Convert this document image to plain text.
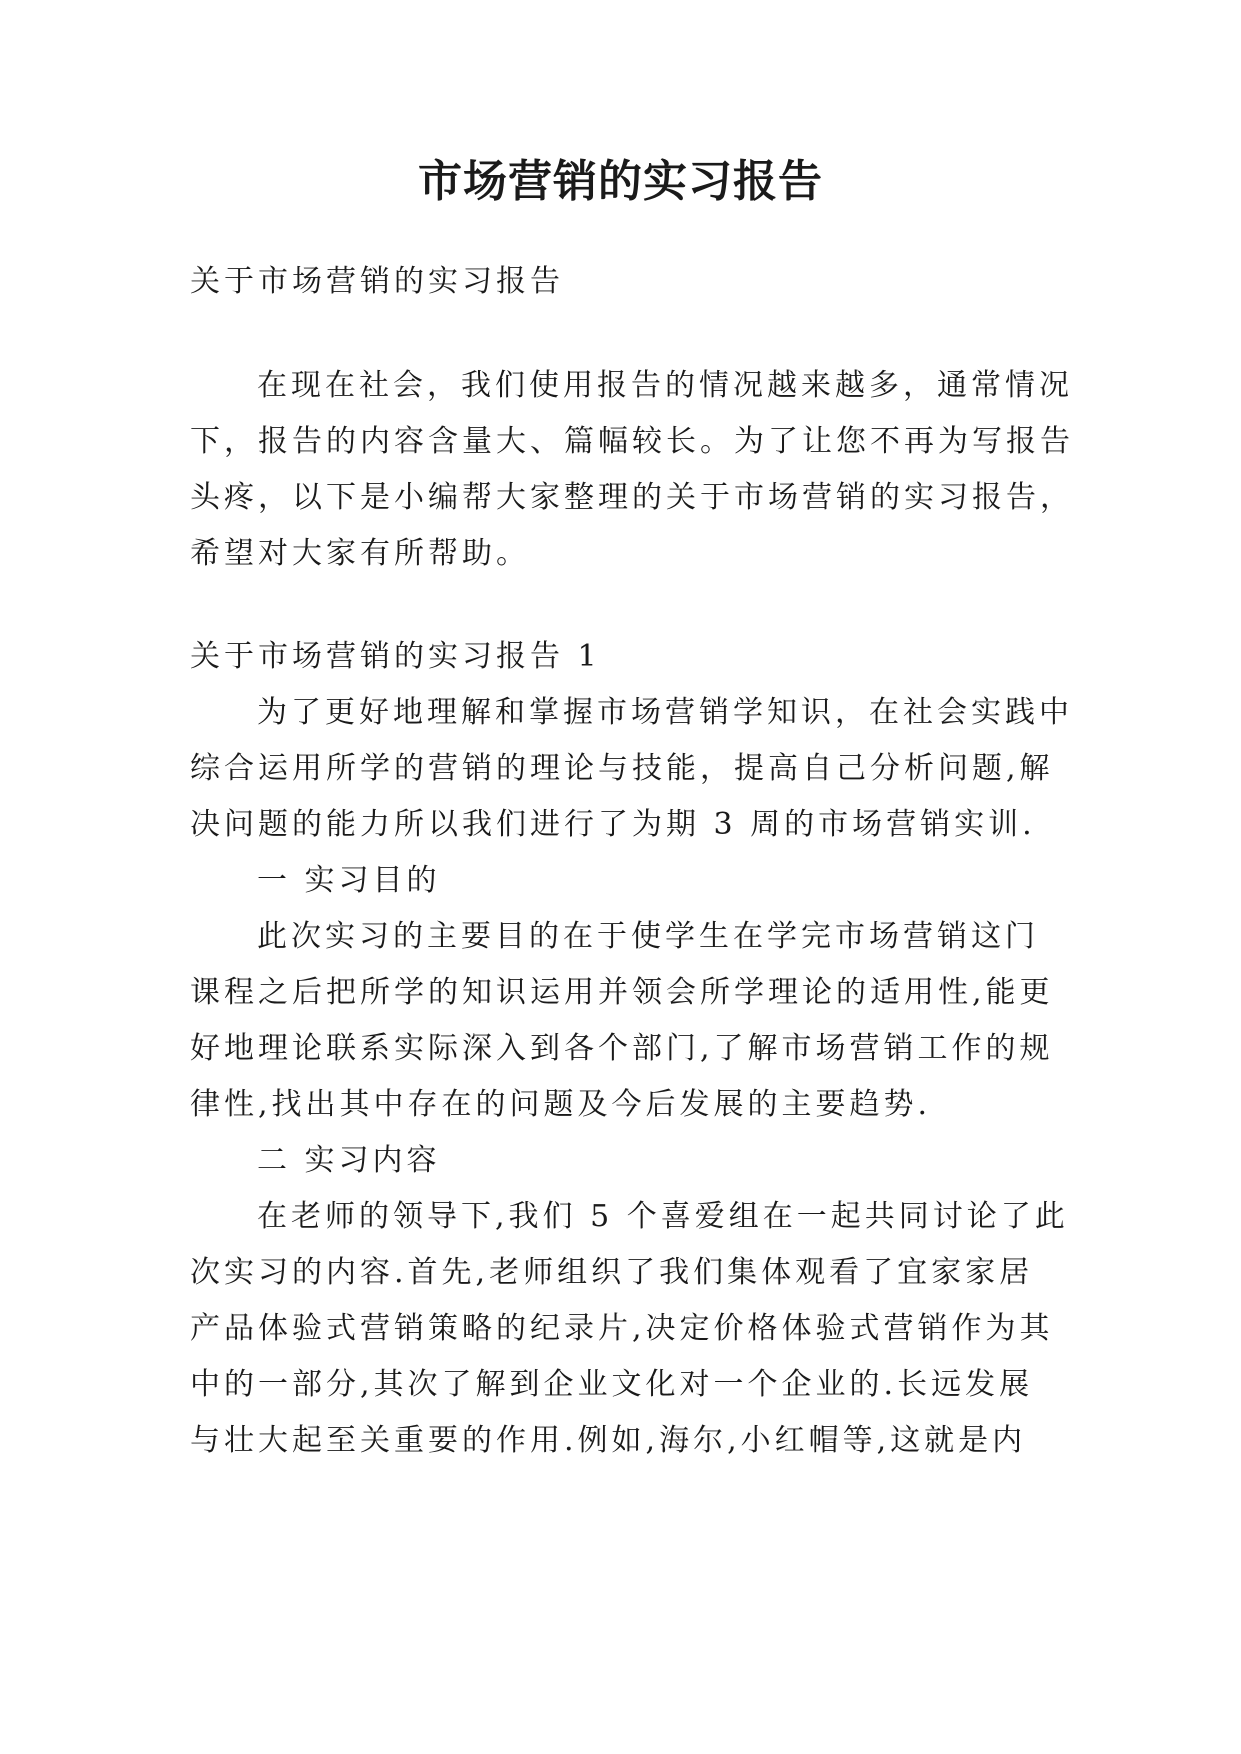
市场营销的实习报告
关于市场营销的实习报告
在现在社会，我们使用报告的情况越来越多，通常情况
下，报告的内容含量大、篇幅较长。为了让您不再为写报告
头疼，以下是小编帮大家整理的关于市场营销的实习报告，
希望对大家有所帮助。
关于市场营销的实习报告 1
为了更好地理解和掌握市场营销学知识，在社会实践中
综合运用所学的营销的理论与技能，提高自己分析问题,解
决问题的能力所以我们进行了为期 3 周的市场营销实训.
一 实习目的
此次实习的主要目的在于使学生在学完市场营销这门
课程之后把所学的知识运用并领会所学理论的适用性,能更
好地理论联系实际深入到各个部门,了解市场营销工作的规
律性,找出其中存在的问题及今后发展的主要趋势.
二 实习内容
在老师的领导下,我们 5 个喜爱组在一起共同讨论了此
次实习的内容.首先,老师组织了我们集体观看了宜家家居
产品体验式营销策略的纪录片,决定价格体验式营销作为其
中的一部分,其次了解到企业文化对一个企业的.长远发展
与壮大起至关重要的作用.例如,海尔,小红帽等,这就是内
